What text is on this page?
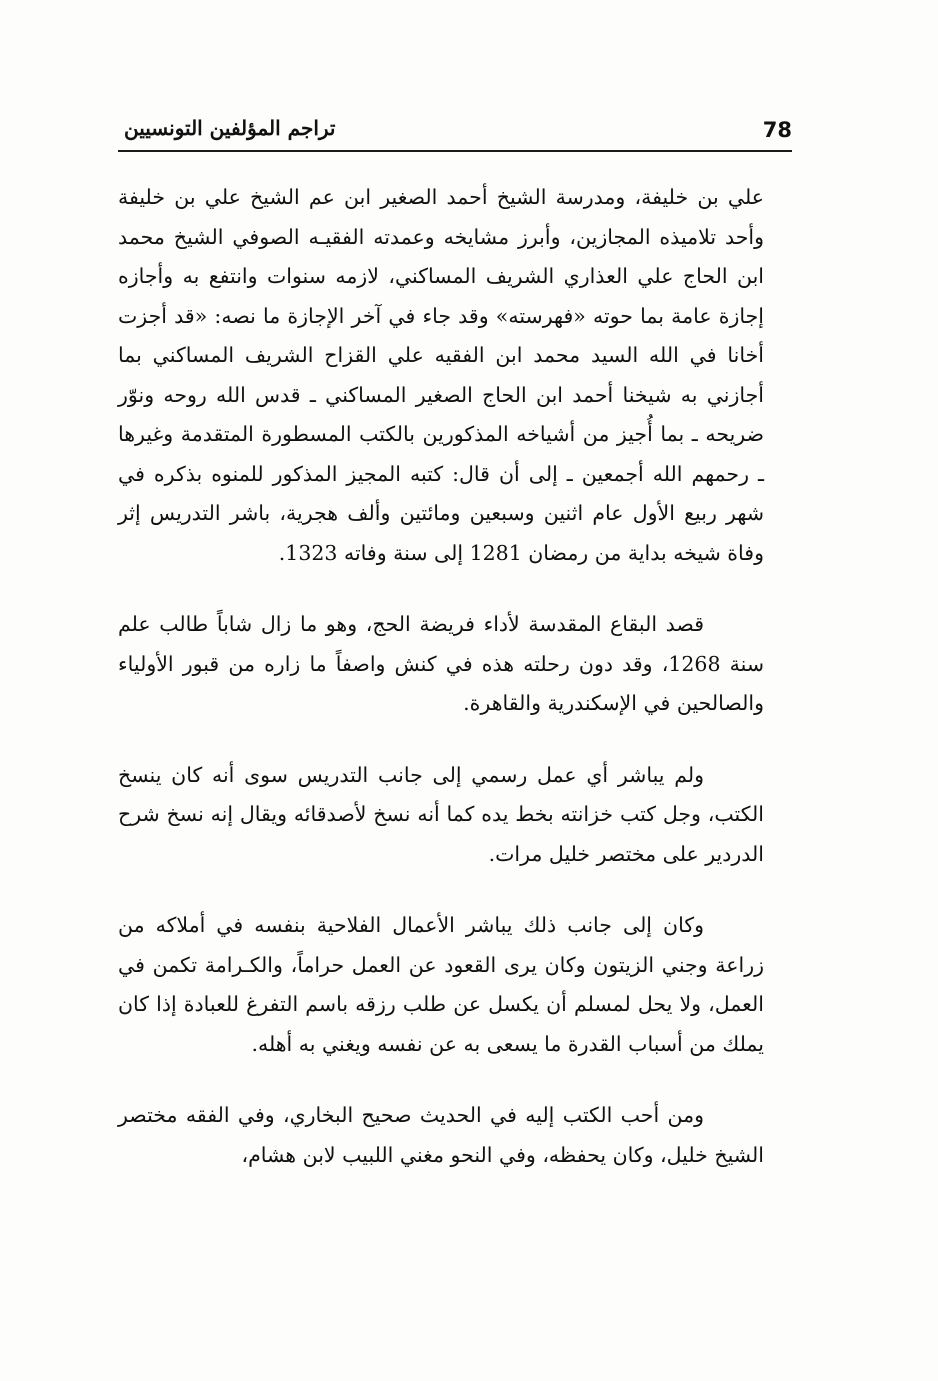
78
تراجم المؤلفين التونسيين

علي بن خليفة، ومدرسة الشيخ أحمد الصغير ابن عم الشيخ علي بن خليفة وأحد تلاميذه المجازين، وأبرز مشايخه وعمدته الفقيـه الصوفي الشيخ محمد ابن الحاج علي العذاري الشريف المساكني، لازمه سنوات وانتفع به وأجازه إجازة عامة بما حوته «فهرسته» وقد جاء في آخر الإجازة ما نصه: «قد أجزت أخانا في الله السيد محمد ابن الفقيه علي القزاح الشريف المساكني بما أجازني به شيخنا أحمد ابن الحاج الصغير المساكني ـ قدس الله روحه ونوّر ضريحه ـ بما أُجيز من أشياخه المذكورين بالكتب المسطورة المتقدمة وغيرها ـ رحمهم الله أجمعين ـ إلى أن قال: كتبه المجيز المذكور للمنوه بذكره في شهر ربيع الأول عام اثنين وسبعين ومائتين وألف هجرية، باشر التدريس إثر وفاة شيخه بداية من رمضان 1281 إلى سنة وفاته 1323.

قصد البقاع المقدسة لأداء فريضة الحج، وهو ما زال شاباً طالب علم سنة 1268، وقد دون رحلته هذه في كنش واصفاً ما زاره من قبور الأولياء والصالحين في الإسكندرية والقاهرة.

ولم يباشر أي عمل رسمي إلى جانب التدريس سوى أنه كان ينسخ الكتب، وجل كتب خزانته بخط يده كما أنه نسخ لأصدقائه ويقال إنه نسخ شرح الدردير على مختصر خليل مرات.

وكان إلى جانب ذلك يباشر الأعمال الفلاحية بنفسه في أملاكه من زراعة وجني الزيتون وكان يرى القعود عن العمل حراماً، والكـرامة تكمن في العمل، ولا يحل لمسلم أن يكسل عن طلب رزقه باسم التفرغ للعبادة إذا كان يملك من أسباب القدرة ما يسعى به عن نفسه ويغني به أهله.

ومن أحب الكتب إليه في الحديث صحيح البخاري، وفي الفقه مختصر الشيخ خليل، وكان يحفظه، وفي النحو مغني اللبيب لابن هشام،
